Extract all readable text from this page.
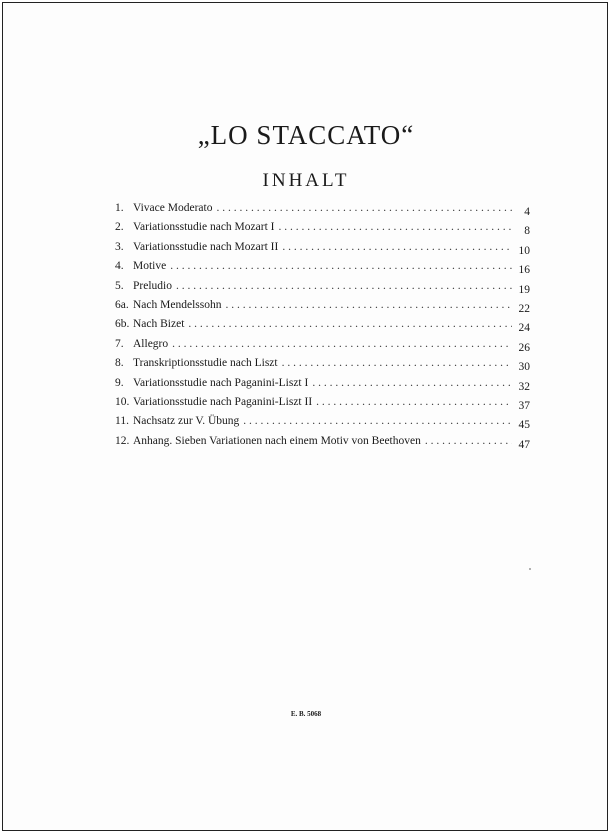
„LO STACCATO“
INHALT
1. Vivace Moderato . . .	4
2. Variationsstudie nach Mozart I . . .	8
3. Variationsstudie nach Mozart II . . .	10
4. Motive . . .	16
5. Preludio . . .	19
6a. Nach Mendelssohn . . .	22
6b. Nach Bizet . . .	24
7. Allegro . . .	26
8. Transkriptionsstudie nach Liszt . . .	30
9. Variationsstudie nach Paganini-Liszt I . . .	32
10. Variationsstudie nach Paganini-Liszt II . . .	37
11. Nachsatz zur V. Übung . . .	45
12. Anhang. Sieben Variationen nach einem Motiv von Beethoven . . .	47
E. B. 5068
